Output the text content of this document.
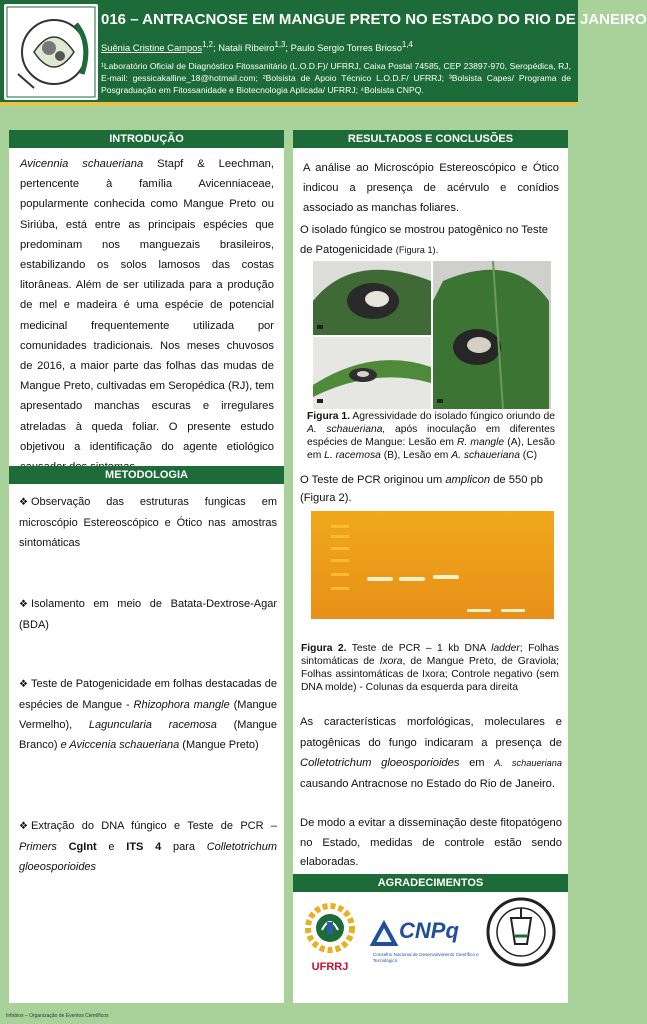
016 – ANTRACNOSE EM MANGUE PRETO NO ESTADO DO RIO DE JANEIRO
Suênia Cristine Campos$^{1,2}$; Natali Ribeiro$^{1,3}$; Paulo Sergio Torres Brioso$^{1,4}$
¹Laboratório Oficial de Diagnóstico Fitossanitário (L.O.D.F)/ UFRRJ, Caixa Postal 74585, CEP 23897-970, Seropédica, RJ, E-mail: gessicakalline_18@hotmail.com; ²Bolsista de Apoio Técnico L.O.D.F/ UFRRJ; ³Bolsista Capes/ Programa de Posgraduação em Fitossanidade e Biotecnologia Aplicada/ UFRRJ; ⁴Bolsista CNPQ.
INTRODUÇÃO
Avicennia schaueriana Stapf & Leechman, pertencente à família Avicenniaceae, popularmente conhecida como Mangue Preto ou Siriúba, está entre as principais espécies que predominam nos manguezais brasileiros, estabilizando os solos lamosos das costas litorâneas. Além de ser utilizada para a produção de mel e madeira é uma espécie de potencial medicinal frequentemente utilizada por comunidades tradicionais. Nos meses chuvosos de 2016, a maior parte das folhas das mudas de Mangue Preto, cultivadas em Seropédica (RJ), tem apresentado manchas escuras e irregulares atreladas à queda foliar. O presente estudo objetivou a identificação do agente etiológico
METODOLOGIA
❖ Observação das estruturas fungicas em microscópio Estereoscópico e Ótico nas amostras sintomáticas
❖ Isolamento em meio de Batata-Dextrose-Agar (BDA)
❖ Teste de Patogenicidade em folhas destacadas de espécies de Mangue - Rhizophora mangle (Mangue Vermelho), Laguncularia racemosa (Mangue Branco) e Aviccenia schaueriana (Mangue Preto)
❖ Extração do DNA fúngico e Teste de PCR – Primers CgInt e ITS 4 para Colletotrichum gloeosporioides
RESULTADOS E CONCLUSÕES
A análise ao Microscópio Estereoscópico e Ótico indicou a presença de acérvulo e conídios associado as manchas foliares.
O isolado fúngico se mostrou patogênico no Teste de Patogenicidade (Figura 1).
Figura 1. Agressividade do isolado fúngico oriundo de A. schaueriana, após inoculação em diferentes espécies de Mangue: Lesão em R. mangle (A), Lesão em L. racemosa (B), Lesão em A. schaueriana (C)
O Teste de PCR originou um amplicon de 550 pb (Figura 2).
Figura 2. Teste de PCR – 1 kb DNA ladder; Folhas sintomáticas de Ixora, de Mangue Preto, de Graviola; Folhas assintomáticas de Ixora; Controle negativo (sem DNA molde) - Colunas da esquerda para direita
As características morfológicas, moleculares e patogênicas do fungo indicaram a presença de Colletotrichum gloeosporioides em A. schaueriana causando Antracnose no Estado do Rio de Janeiro.
De modo a evitar a disseminação deste fitopatógeno no Estado, medidas de controle estão sendo elaboradas.
AGRADECIMENTOS
UFRRJ
CNPq
Conselho Nacional de Desenvolvimento Científico e Tecnológico
Infobios – Organização de Eventos Científicos
